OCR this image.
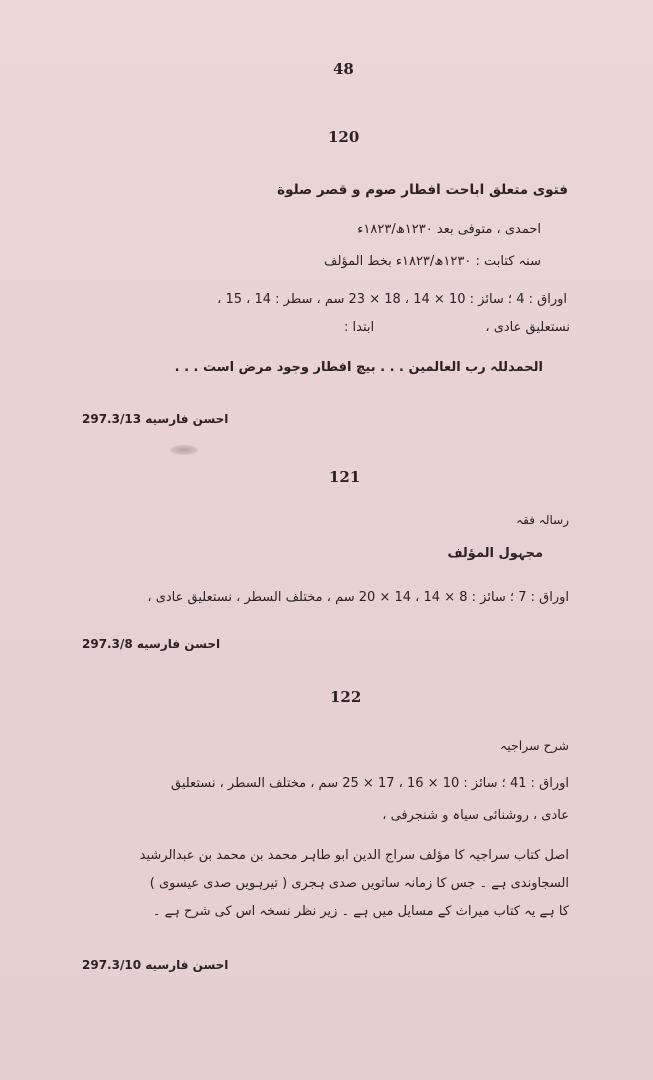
48
120
فتوی متعلق اباحت افطار صوم و قصر صلوة
احمدی ، متوفی بعد ١٢٣٠ھ/١٨٢٣ء
سنہ کتابت : ١٢٣٠ھ/١٨٢٣ء بخط المؤلف
اوراق : 4 ؛ سائز : 10 × 14 ، 18 × 23 سم ، سطر : 14 ، 15 ،
نستعلیق عادی ،
ابتدا :
الحمدللہ رب العالمین . . . بیچ افطار وجود مرض است . . .
احسن فارسیه 297.3/13
121
رسالہ فقہ
مجہول المؤلف
اوراق : 7 ؛ سائز : 8 × 14 ، 14 × 20 سم ، مختلف السطر ، نستعلیق عادی ،
احسن فارسیه 297.3/8
122
شرح سراجیہ
اوراق : 41 ؛ سائز : 10 × 16 ، 17 × 25 سم ، مختلف السطر ، نستعلیق
عادی ، روشنائی سیاہ و شنجرفی ،
اصل کتاب سراجیہ کا مؤلف سراج الدین ابو طاہر محمد بن محمد بن عبدالرشید
السجاوندی ہے ۔ جس کا زمانہ ساتویں صدی ہجری ( تیرہویں صدی عیسوی )
کا ہے یہ کتاب میراث کے مسایل میں ہے ۔ زیر نظر نسخہ اس کی شرح ہے ۔
احسن فارسیه 297.3/10
